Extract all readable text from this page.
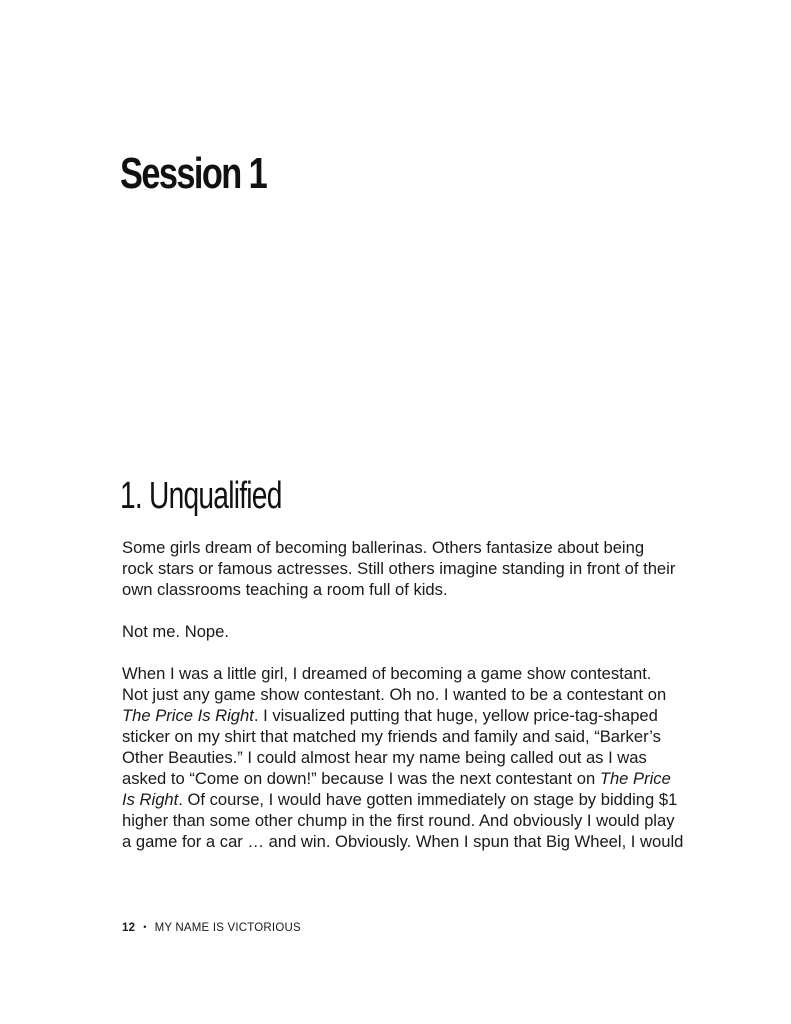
Session 1
1. Unqualified
Some girls dream of becoming ballerinas. Others fantasize about being
rock stars or famous actresses. Still others imagine standing in front of their
own classrooms teaching a room full of kids.
Not me. Nope.
When I was a little girl, I dreamed of becoming a game show contestant.
Not just any game show contestant. Oh no. I wanted to be a contestant on
The Price Is Right. I visualized putting that huge, yellow price-tag-shaped
sticker on my shirt that matched my friends and family and said, “Barker’s
Other Beauties.” I could almost hear my name being called out as I was
asked to “Come on down!” because I was the next contestant on The Price
Is Right. Of course, I would have gotten immediately on stage by bidding $1
higher than some other chump in the first round. And obviously I would play
a game for a car … and win. Obviously. When I spun that Big Wheel, I would
12 • MY NAME IS VICTORIOUS
